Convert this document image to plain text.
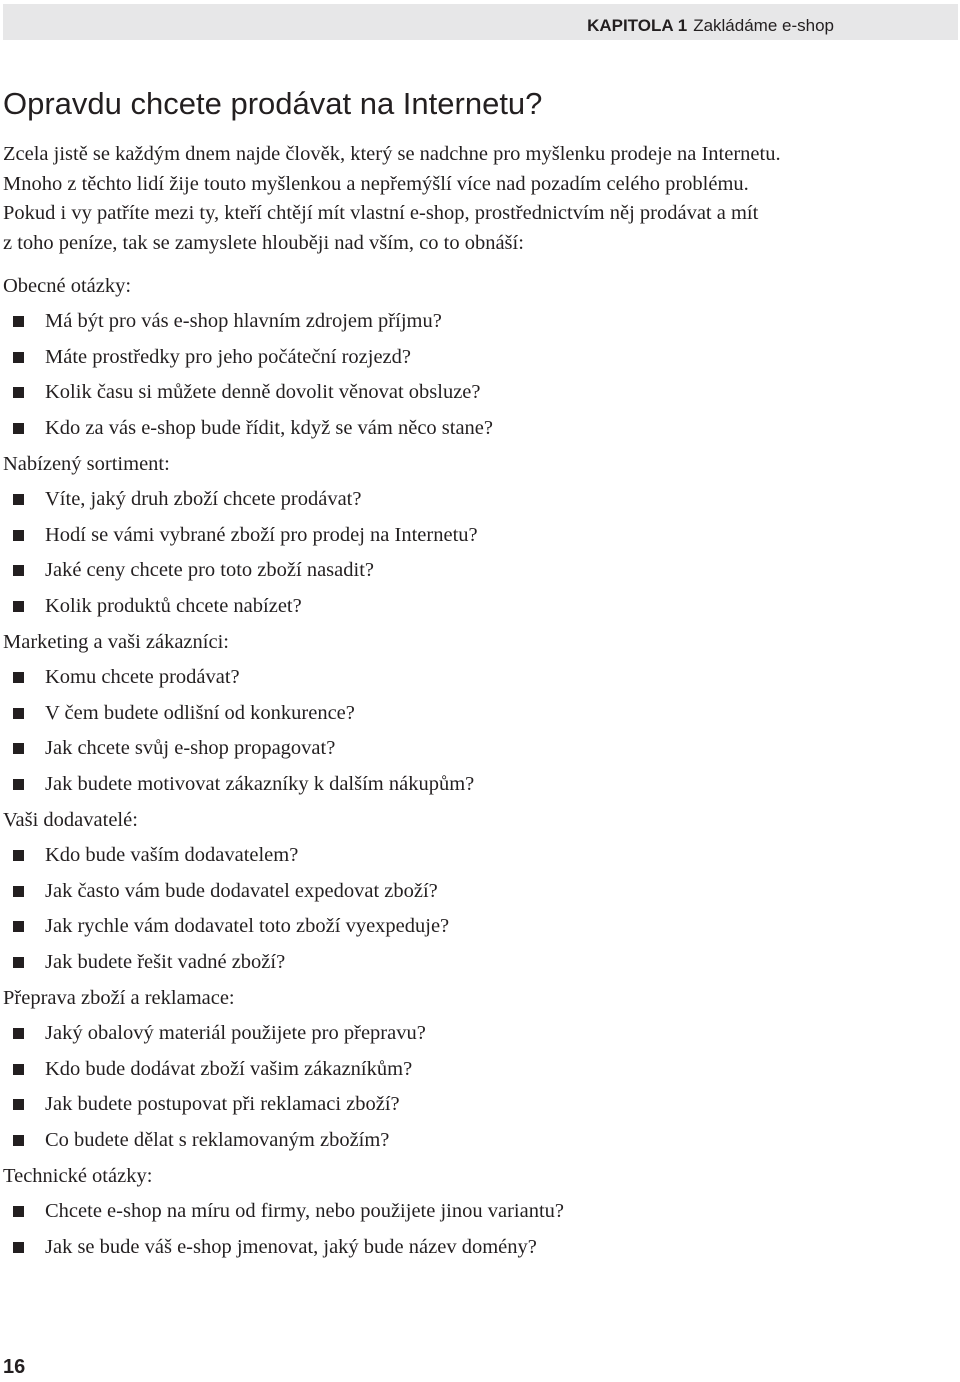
KAPITOLA 1 Zakládáme e-shop
Opravdu chcete prodávat na Internetu?
Zcela jistě se každým dnem najde člověk, který se nadchne pro myšlenku prodeje na Internetu.
Mnoho z těchto lidí žije touto myšlenkou a nepřemýšlí více nad pozadím celého problému.
Pokud i vy patříte mezi ty, kteří chtějí mít vlastní e-shop, prostřednictvím něj prodávat a mít
z toho peníze, tak se zamyslete hlouběji nad vším, co to obnáší:
Obecné otázky:
Má být pro vás e-shop hlavním zdrojem příjmu?
Máte prostředky pro jeho počáteční rozjezd?
Kolik času si můžete denně dovolit věnovat obsluze?
Kdo za vás e-shop bude řídit, když se vám něco stane?
Nabízený sortiment:
Víte, jaký druh zboží chcete prodávat?
Hodí se vámi vybrané zboží pro prodej na Internetu?
Jaké ceny chcete pro toto zboží nasadit?
Kolik produktů chcete nabízet?
Marketing a vaši zákazníci:
Komu chcete prodávat?
V čem budete odlišní od konkurence?
Jak chcete svůj e-shop propagovat?
Jak budete motivovat zákazníky k dalším nákupům?
Vaši dodavatelé:
Kdo bude vaším dodavatelem?
Jak často vám bude dodavatel expedovat zboží?
Jak rychle vám dodavatel toto zboží vyexpeduje?
Jak budete řešit vadné zboží?
Přeprava zboží a reklamace:
Jaký obalový materiál použijete pro přepravu?
Kdo bude dodávat zboží vašim zákazníkům?
Jak budete postupovat při reklamaci zboží?
Co budete dělat s reklamovaným zbožím?
Technické otázky:
Chcete e-shop na míru od firmy, nebo použijete jinou variantu?
Jak se bude váš e-shop jmenovat, jaký bude název domény?
16
